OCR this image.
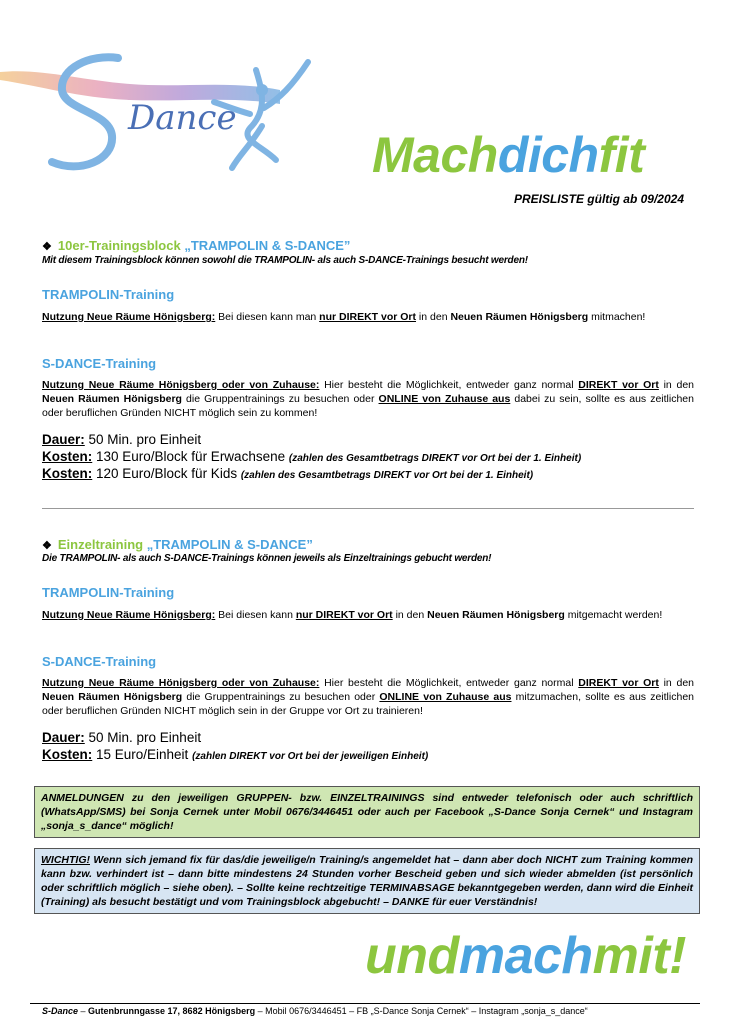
Dance
Machdichfit
PREISLISTE gültig ab 09/2024
❖ 10er-Trainingsblock „TRAMPOLIN & S-DANCE”
Mit diesem Trainingsblock können sowohl die TRAMPOLIN- als auch S-DANCE-Trainings besucht werden!
TRAMPOLIN-Training
Nutzung Neue Räume Hönigsberg: Bei diesen kann man nur DIREKT vor Ort in den Neuen Räumen Hönigsberg mitmachen!
S-DANCE-Training
Nutzung Neue Räume Hönigsberg oder von Zuhause: Hier besteht die Möglichkeit, entweder ganz normal DIREKT vor Ort in den Neuen Räumen Hönigsberg die Gruppentrainings zu besuchen oder ONLINE von Zuhause aus dabei zu sein, sollte es aus zeitlichen oder beruflichen Gründen NICHT möglich sein zu kommen!
Dauer: 50 Min. pro Einheit
Kosten: 130 Euro/Block für Erwachsene (zahlen des Gesamtbetrags DIREKT vor Ort bei der 1. Einheit)
Kosten: 120 Euro/Block für Kids (zahlen des Gesamtbetrags DIREKT vor Ort bei der 1. Einheit)
❖ Einzeltraining „TRAMPOLIN & S-DANCE”
Die TRAMPOLIN- als auch S-DANCE-Trainings können jeweils als Einzeltrainings gebucht werden!
TRAMPOLIN-Training
Nutzung Neue Räume Hönigsberg: Bei diesen kann nur DIREKT vor Ort in den Neuen Räumen Hönigsberg mitgemacht werden!
S-DANCE-Training
Nutzung Neue Räume Hönigsberg oder von Zuhause: Hier besteht die Möglichkeit, entweder ganz normal DIREKT vor Ort in den Neuen Räumen Hönigsberg die Gruppentrainings zu besuchen oder ONLINE von Zuhause aus mitzumachen, sollte es aus zeitlichen oder beruflichen Gründen NICHT möglich sein in der Gruppe vor Ort zu trainieren!
Dauer: 50 Min. pro Einheit
Kosten: 15 Euro/Einheit (zahlen DIREKT vor Ort bei der jeweiligen Einheit)
ANMELDUNGEN zu den jeweiligen GRUPPEN- bzw. EINZELTRAININGS sind entweder telefonisch oder auch schriftlich (WhatsApp/SMS) bei Sonja Cernek unter Mobil 0676/3446451 oder auch per Facebook „S-Dance Sonja Cernek“ und Instagram „sonja_s_dance“ möglich!
WICHTIG! Wenn sich jemand fix für das/die jeweilige/n Training/s angemeldet hat – dann aber doch NICHT zum Training kommen kann bzw. verhindert ist – dann bitte mindestens 24 Stunden vorher Bescheid geben und sich wieder abmelden (ist persönlich oder schriftlich möglich – siehe oben). – Sollte keine rechtzeitige TERMINABSAGE bekanntgegeben werden, dann wird die Einheit (Training) als besucht bestätigt und vom Trainingsblock abgebucht! – DANKE für euer Verständnis!
undmachmit!
S-Dance – Gutenbrunngasse 17, 8682 Hönigsberg – Mobil 0676/3446451 – FB „S-Dance Sonja Cernek“ – Instagram „sonja_s_dance“
